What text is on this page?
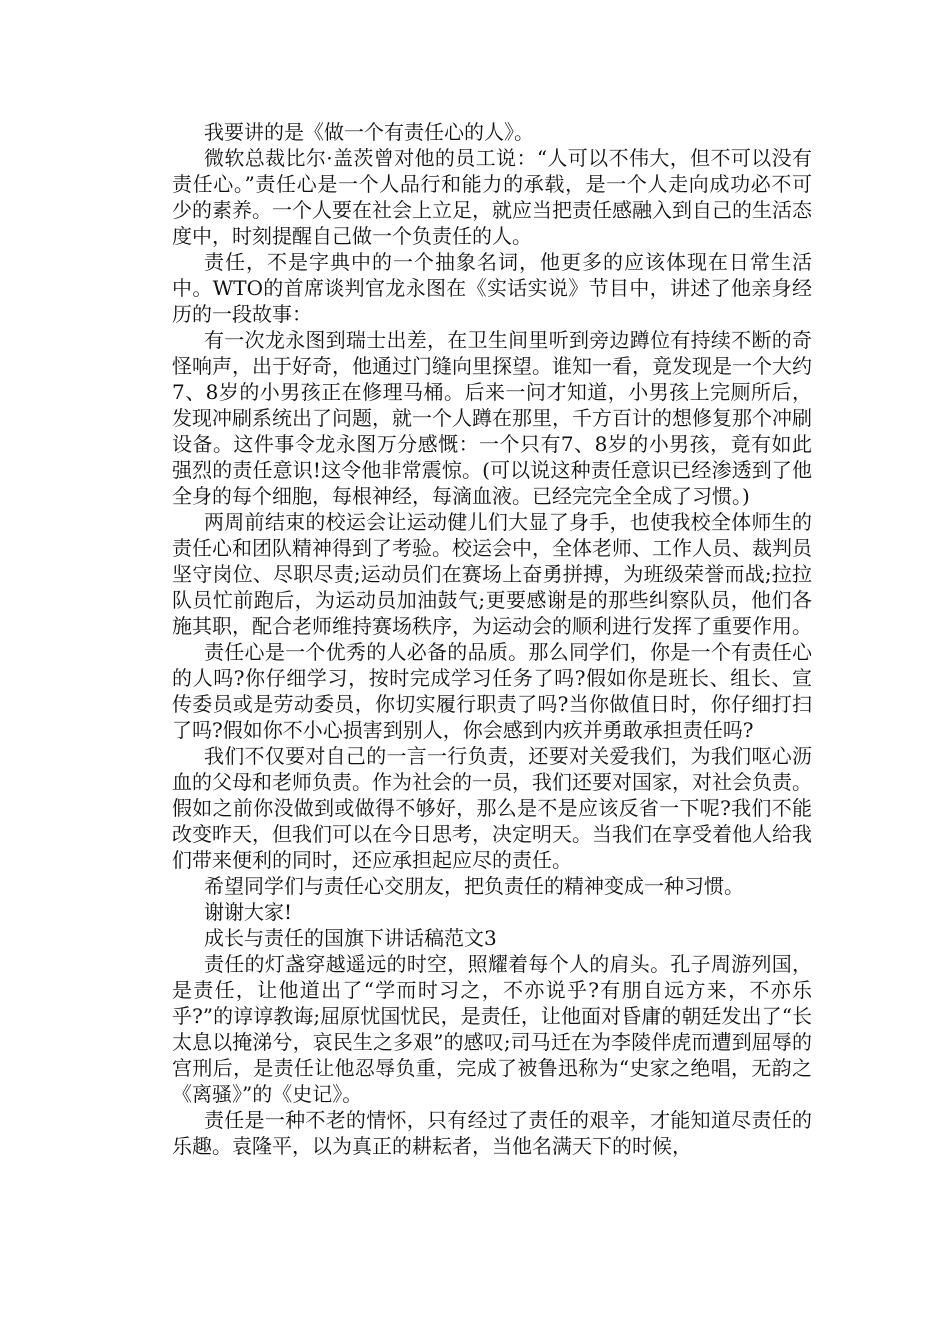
我要讲的是《做一个有责任心的人》。

微软总裁比尔·盖茨曾对他的员工说：“人可以不伟大，但不可以没有责任心。”责任心是一个人品行和能力的承载，是一个人走向成功必不可少的素养。一个人要在社会上立足，就应当把责任感融入到自己的生活态度中，时刻提醒自己做一个负责任的人。

责任，不是字典中的一个抽象名词，他更多的应该体现在日常生活中。WTO的首席谈判官龙永图在《实话实说》节目中，讲述了他亲身经历的一段故事：

有一次龙永图到瑞士出差，在卫生间里听到旁边蹲位有持续不断的奇怪响声，出于好奇，他通过门缝向里探望。谁知一看，竟发现是一个大约7、8岁的小男孩正在修理马桶。后来一问才知道，小男孩上完厕所后，发现冲刷系统出了问题，就一个人蹲在那里，千方百计的想修复那个冲刷设备。这件事令龙永图万分感慨：一个只有7、8岁的小男孩，竟有如此强烈的责任意识!这令他非常震惊。(可以说这种责任意识已经渗透到了他全身的每个细胞，每根神经，每滴血液。已经完完全全成了习惯。)

两周前结束的校运会让运动健儿们大显了身手，也使我校全体师生的责任心和团队精神得到了考验。校运会中，全体老师、工作人员、裁判员坚守岗位、尽职尽责;运动员们在赛场上奋勇拼搏，为班级荣誉而战;拉拉队员忙前跑后，为运动员加油鼓气;更要感谢是的那些纠察队员，他们各施其职，配合老师维持赛场秩序，为运动会的顺利进行发挥了重要作用。

责任心是一个优秀的人必备的品质。那么同学们，你是一个有责任心的人吗?你仔细学习，按时完成学习任务了吗?假如你是班长、组长、宣传委员或是劳动委员，你切实履行职责了吗?当你做值日时，你仔细打扫了吗?假如你不小心损害到别人，你会感到内疚并勇敢承担责任吗?

我们不仅要对自己的一言一行负责，还要对关爱我们，为我们呕心沥血的父母和老师负责。作为社会的一员，我们还要对国家，对社会负责。假如之前你没做到或做得不够好，那么是不是应该反省一下呢?我们不能改变昨天，但我们可以在今日思考，决定明天。当我们在享受着他人给我们带来便利的同时，还应承担起应尽的责任。

希望同学们与责任心交朋友，把负责任的精神变成一种习惯。

谢谢大家!

成长与责任的国旗下讲话稿范文3

责任的灯盏穿越遥远的时空，照耀着每个人的肩头。孔子周游列国，是责任，让他道出了“学而时习之，不亦说乎?有朋自远方来，不亦乐乎?”的谆谆教诲;屈原忧国忧民，是责任，让他面对昏庸的朝廷发出了“长太息以掩涕兮，哀民生之多艰”的感叹;司马迁在为李陵伴虎而遭到屈辱的宫刑后，是责任让他忍辱负重，完成了被鲁迅称为“史家之绝唱，无韵之《离骚》”的《史记》。

责任是一种不老的情怀，只有经过了责任的艰辛，才能知道尽责任的乐趣。袁隆平，以为真正的耕耘者，当他名满天下的时候，
